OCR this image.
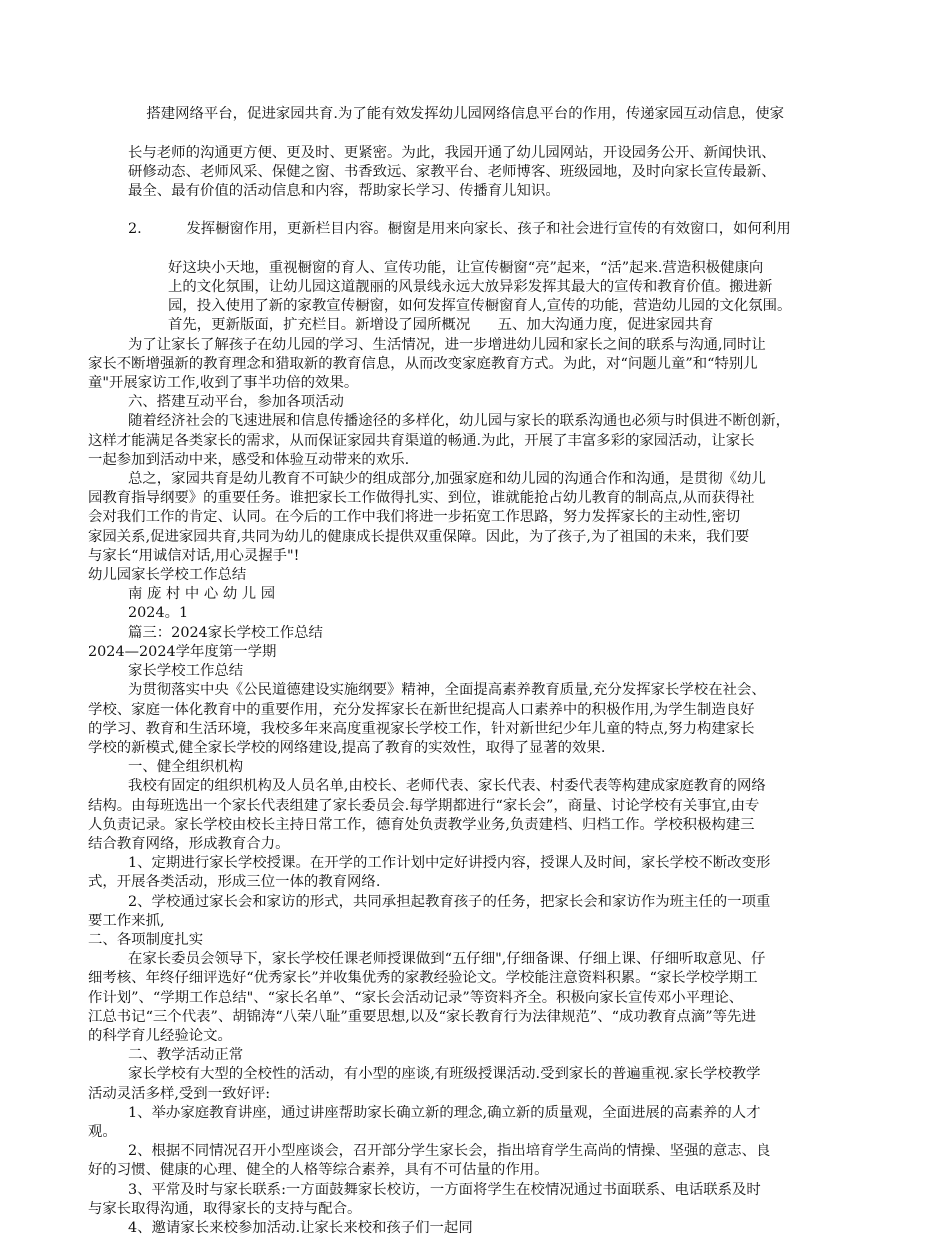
搭建网络平台，促进家园共育.为了能有效发挥幼儿园网络信息平台的作用，传递家园互动信息，使家

长与老师的沟通更方便、更及时、更紧密。为此，我园开通了幼儿园网站，开设园务公开、新闻快讯、
研修动态、老师风采、保健之窗、书香致远、家教平台、老师博客、班级园地，及时向家长宣传最新、
最全、最有价值的活动信息和内容，帮助家长学习、传播育儿知识。

2.	发挥橱窗作用，更新栏目内容。橱窗是用来向家长、孩子和社会进行宣传的有效窗口，如何利用

好这块小天地，重视橱窗的育人、宣传功能，让宣传橱窗“亮”起来，“活”起来.营造积极健康向
上的文化氛围，让幼儿园这道靓丽的风景线永远大放异彩发挥其最大的宣传和教育价值。搬进新
园，投入使用了新的家教宣传橱窗，如何发挥宣传橱窗育人,宣传的功能，营造幼儿园的文化氛围。
首先，更新版面，扩充栏目。新增设了园所概况      五、加大沟通力度，促进家园共育
为了让家长了解孩子在幼儿园的学习、生活情况，进一步增进幼儿园和家长之间的联系与沟通,同时让
家长不断增强新的教育理念和猎取新的教育信息，从而改变家庭教育方式。为此，对“问题儿童”和“特别儿
童"开展家访工作,收到了事半功倍的效果。
六、搭建互动平台，参加各项活动
随着经济社会的飞速进展和信息传播途径的多样化，幼儿园与家长的联系沟通也必须与时俱进不断创新，
这样才能满足各类家长的需求，从而保证家园共育渠道的畅通.为此，开展了丰富多彩的家园活动，让家长
一起参加到活动中来，感受和体验互动带来的欢乐.
总之，家园共育是幼儿教育不可缺少的组成部分,加强家庭和幼儿园的沟通合作和沟通，是贯彻《幼儿
园教育指导纲要》的重要任务。谁把家长工作做得扎实、到位，谁就能抢占幼儿教育的制高点,从而获得社
会对我们工作的肯定、认同。在今后的工作中我们将进一步拓宽工作思路，努力发挥家长的主动性,密切
家园关系,促进家园共育,共同为幼儿的健康成长提供双重保障。因此，为了孩子,为了祖国的未来，我们要
与家长“用诚信对话,用心灵握手"!
幼儿园家长学校工作总结
南 庞 村 中 心 幼 儿 园
2024。1
篇三：2024家长学校工作总结
2024—2024学年度第一学期
家长学校工作总结
为贯彻落实中央《公民道德建设实施纲要》精神，全面提高素养教育质量,充分发挥家长学校在社会、
学校、家庭一体化教育中的重要作用，充分发挥家长在新世纪提高人口素养中的积极作用,为学生制造良好
的学习、教育和生活环境，我校多年来高度重视家长学校工作，针对新世纪少年儿童的特点,努力构建家长
学校的新模式,健全家长学校的网络建设,提高了教育的实效性，取得了显著的效果.
一、健全组织机构
我校有固定的组织机构及人员名单,由校长、老师代表、家长代表、村委代表等构建成家庭教育的网络
结构。由每班选出一个家长代表组建了家长委员会.每学期都进行“家长会”，商量、讨论学校有关事宜,由专
人负责记录。家长学校由校长主持日常工作，德育处负责教学业务,负责建档、归档工作。学校积极构建三
结合教育网络，形成教育合力。
1、定期进行家长学校授课。在开学的工作计划中定好讲授内容，授课人及时间，家长学校不断改变形
式，开展各类活动，形成三位一体的教育网络.
2、学校通过家长会和家访的形式，共同承担起教育孩子的任务，把家长会和家访作为班主任的一项重
要工作来抓,
二、各项制度扎实
在家长委员会领导下，家长学校任课老师授课做到“五仔细",仔细备课、仔细上课、仔细听取意见、仔
细考核、年终仔细评选好“优秀家长”并收集优秀的家教经验论文。学校能注意资料积累。“家长学校学期工
作计划”、“学期工作总结"、“家长名单”、“家长会活动记录”等资料齐全。积极向家长宣传邓小平理论、
江总书记“三个代表”、胡锦涛“八荣八耻”重要思想,以及“家长教育行为法律规范”、“成功教育点滴”等先进
的科学育儿经验论文。
二、教学活动正常
家长学校有大型的全校性的活动，有小型的座谈,有班级授课活动.受到家长的普遍重视.家长学校教学
活动灵活多样,受到一致好评:
1、举办家庭教育讲座，通过讲座帮助家长确立新的理念,确立新的质量观，全面进展的高素养的人才
观。
2、根据不同情况召开小型座谈会，召开部分学生家长会，指出培育学生高尚的情操、坚强的意志、良
好的习惯、健康的心理、健全的人格等综合素养，具有不可估量的作用。
3、平常及时与家长联系:一方面鼓舞家长校访，一方面将学生在校情况通过书面联系、电话联系及时
与家长取得沟通，取得家长的支持与配合。
4、邀请家长来校参加活动.让家长来校和孩子们一起同
